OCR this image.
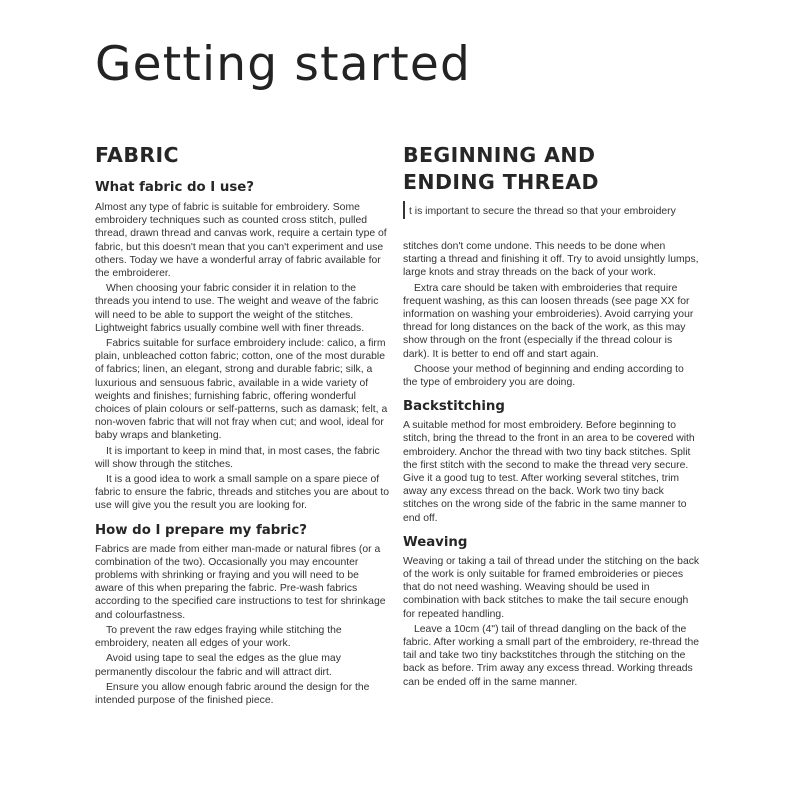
Getting started
FABRIC
What fabric do I use?

Almost any type of fabric is suitable for embroidery. Some embroidery techniques such as counted cross stitch, pulled thread, drawn thread and canvas work, require a certain type of fabric, but this doesn't mean that you can't experiment and use others. Today we have a wonderful array of fabric available for the embroiderer.

When choosing your fabric consider it in relation to the threads you intend to use. The weight and weave of the fabric will need to be able to support the weight of the stitches. Lightweight fabrics usually combine well with finer threads.

Fabrics suitable for surface embroidery include: calico, a firm plain, unbleached cotton fabric; cotton, one of the most durable of fabrics; linen, an elegant, strong and durable fabric; silk, a luxurious and sensuous fabric, available in a wide variety of weights and finishes; furnishing fabric, offering wonderful choices of plain colours or self-patterns, such as damask; felt, a non-woven fabric that will not fray when cut; and wool, ideal for baby wraps and blanketing.

It is important to keep in mind that, in most cases, the fabric will show through the stitches.

It is a good idea to work a small sample on a spare piece of fabric to ensure the fabric, threads and stitches you are about to use will give you the result you are looking for.

How do I prepare my fabric?

Fabrics are made from either man-made or natural fibres (or a combination of the two). Occasionally you may encounter problems with shrinking or fraying and you will need to be aware of this when preparing the fabric. Pre-wash fabrics according to the specified care instructions to test for shrinkage and colourfastness.

To prevent the raw edges fraying while stitching the embroidery, neaten all edges of your work.

Avoid using tape to seal the edges as the glue may permanently discolour the fabric and will attract dirt.

Ensure you allow enough fabric around the design for the intended purpose of the finished piece.

BEGINNING AND
ENDING THREAD

t is important to secure the thread so that your embroidery

stitches don't come undone. This needs to be done when starting a thread and finishing it off. Try to avoid unsightly lumps, large knots and stray threads on the back of your work.

Extra care should be taken with embroideries that require frequent washing, as this can loosen threads (see page XX for information on washing your embroideries). Avoid carrying your thread for long distances on the back of the work, as this may show through on the front (especially if the thread colour is dark). It is better to end off and start again.

Choose your method of beginning and ending according to the type of embroidery you are doing.

Backstitching

A suitable method for most embroidery. Before beginning to stitch, bring the thread to the front in an area to be covered with embroidery. Anchor the thread with two tiny back stitches. Split the first stitch with the second to make the thread very secure. Give it a good tug to test. After working several stitches, trim away any excess thread on the back. Work two tiny back stitches on the wrong side of the fabric in the same manner to end off.

Weaving

Weaving or taking a tail of thread under the stitching on the back of the work is only suitable for framed embroideries or pieces that do not need washing. Weaving should be used in combination with back stitches to make the tail secure enough for repeated handling.

Leave a 10cm (4") tail of thread dangling on the back of the fabric. After working a small part of the embroidery, re-thread the tail and take two tiny backstitches through the stitching on the back as before. Trim away any excess thread. Working threads can be ended off in the same manner.
